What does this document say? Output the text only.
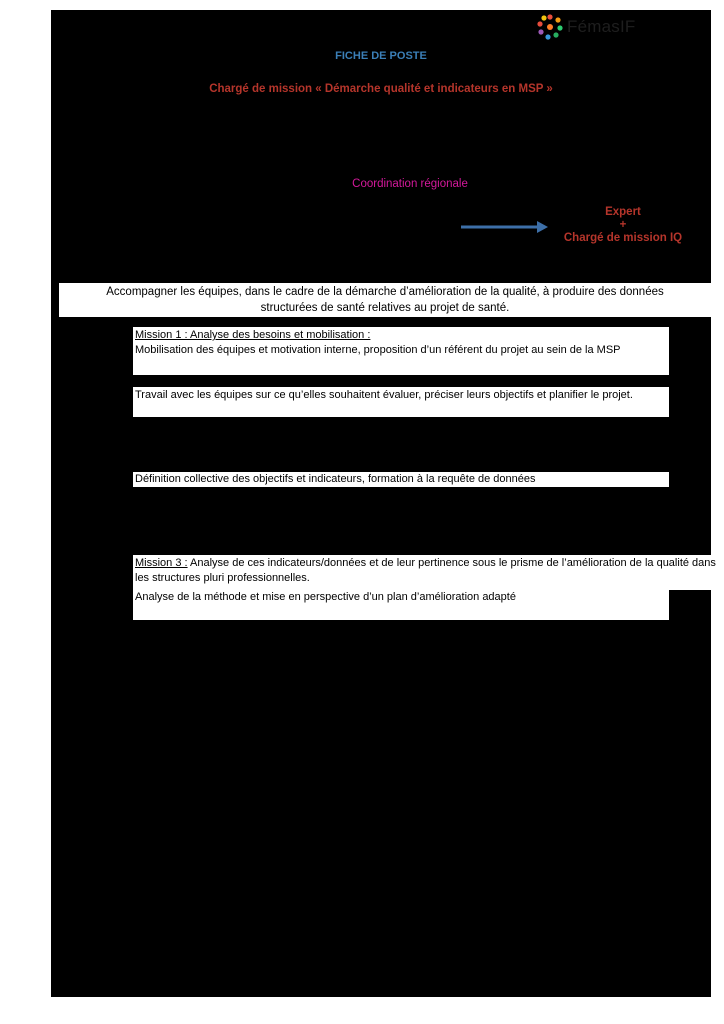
FémasIF
FICHE DE POSTE
Chargé de mission « Démarche qualité et indicateurs en MSP »
Coordination régionale
Expert
+
Chargé de mission IQ
Accompagner les équipes, dans le cadre de la démarche d’amélioration de la qualité, à produire des données
structurées de santé relatives au projet de santé.
Mission 1 : Analyse des besoins et mobilisation :
Mobilisation des équipes et motivation interne, proposition d’un référent du projet au sein de la MSP
Travail avec les équipes sur ce qu’elles souhaitent évaluer, préciser leurs objectifs et planifier le projet.
Définition collective des objectifs et indicateurs, formation à la requête de données
Mission 3 : Analyse de ces indicateurs/données et de leur pertinence sous le prisme de l’amélioration de la qualité dans les structures pluri professionnelles.
Analyse de la méthode et mise en perspective d’un plan d’amélioration adapté
